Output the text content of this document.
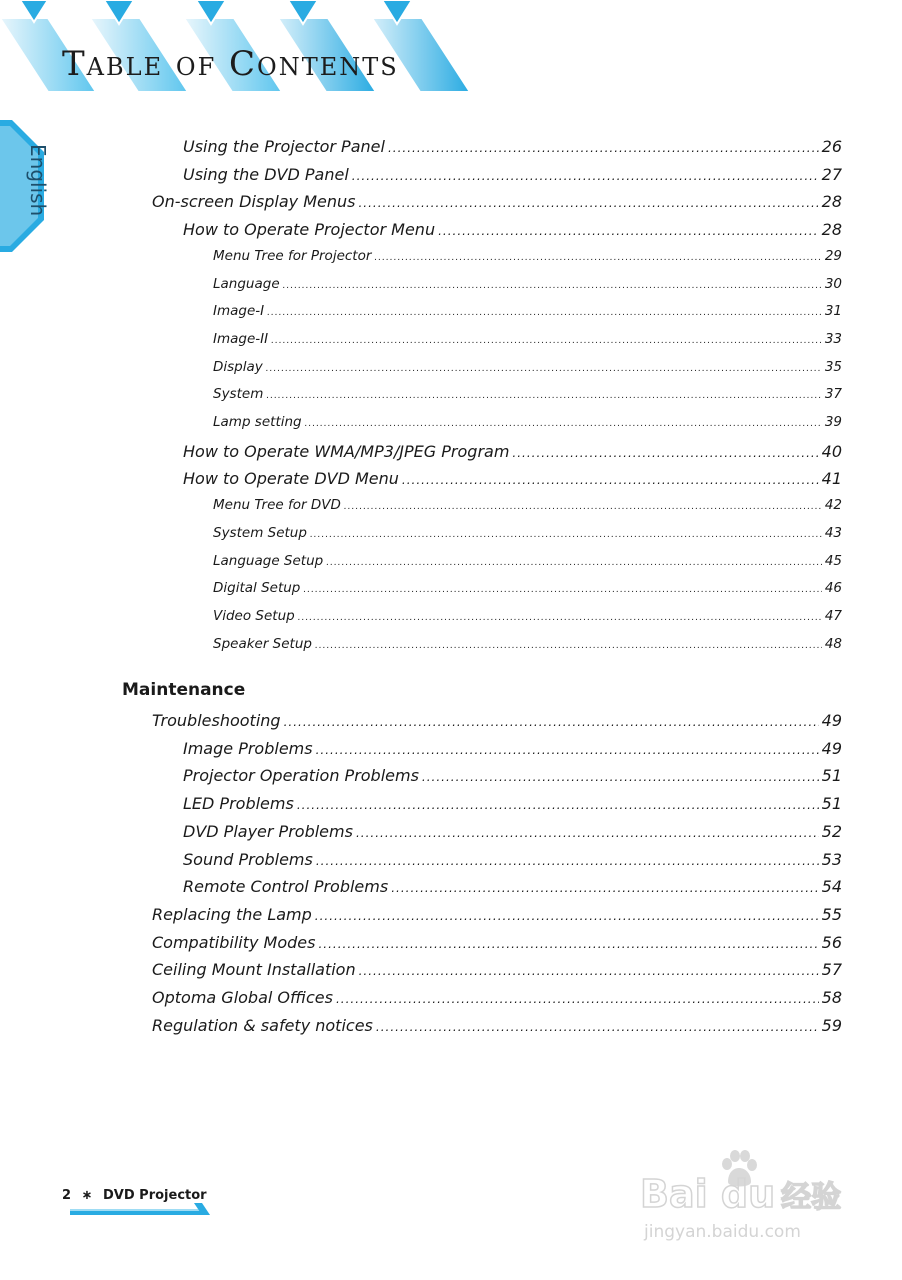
Table of Contents
English	Using the Projector Panel .....	26
Using the DVD Panel .....	27
On-screen Display Menus .....	28
How to Operate Projector Menu .....	28
Menu Tree for Projector .....	29
Language .....	30
Image-I .....	31
Image-II .....	33
Display .....	35
System .....	37
Lamp setting .....	39
How to Operate WMA/MP3/JPEG Program .....	40
How to Operate DVD Menu .....	41
Menu Tree for DVD .....	42
System Setup .....	43
Language Setup .....	45
Digital Setup .....	46
Video Setup .....	47
Speaker Setup .....	48
Maintenance
Troubleshooting .....	49
Image Problems .....	49
Projector Operation Problems .....	51
LED Problems .....	51
DVD Player Problems .....	52
Sound Problems .....	53
Remote Control Problems .....	54
Replacing the Lamp .....	55
Compatibility Modes .....	56
Ceiling Mount Installation .....	57
Optoma Global Offices .....	58
Regulation & safety notices .....	59
2 ∗ DVD Projector	Bai du 经验
jingyan.baidu.com
